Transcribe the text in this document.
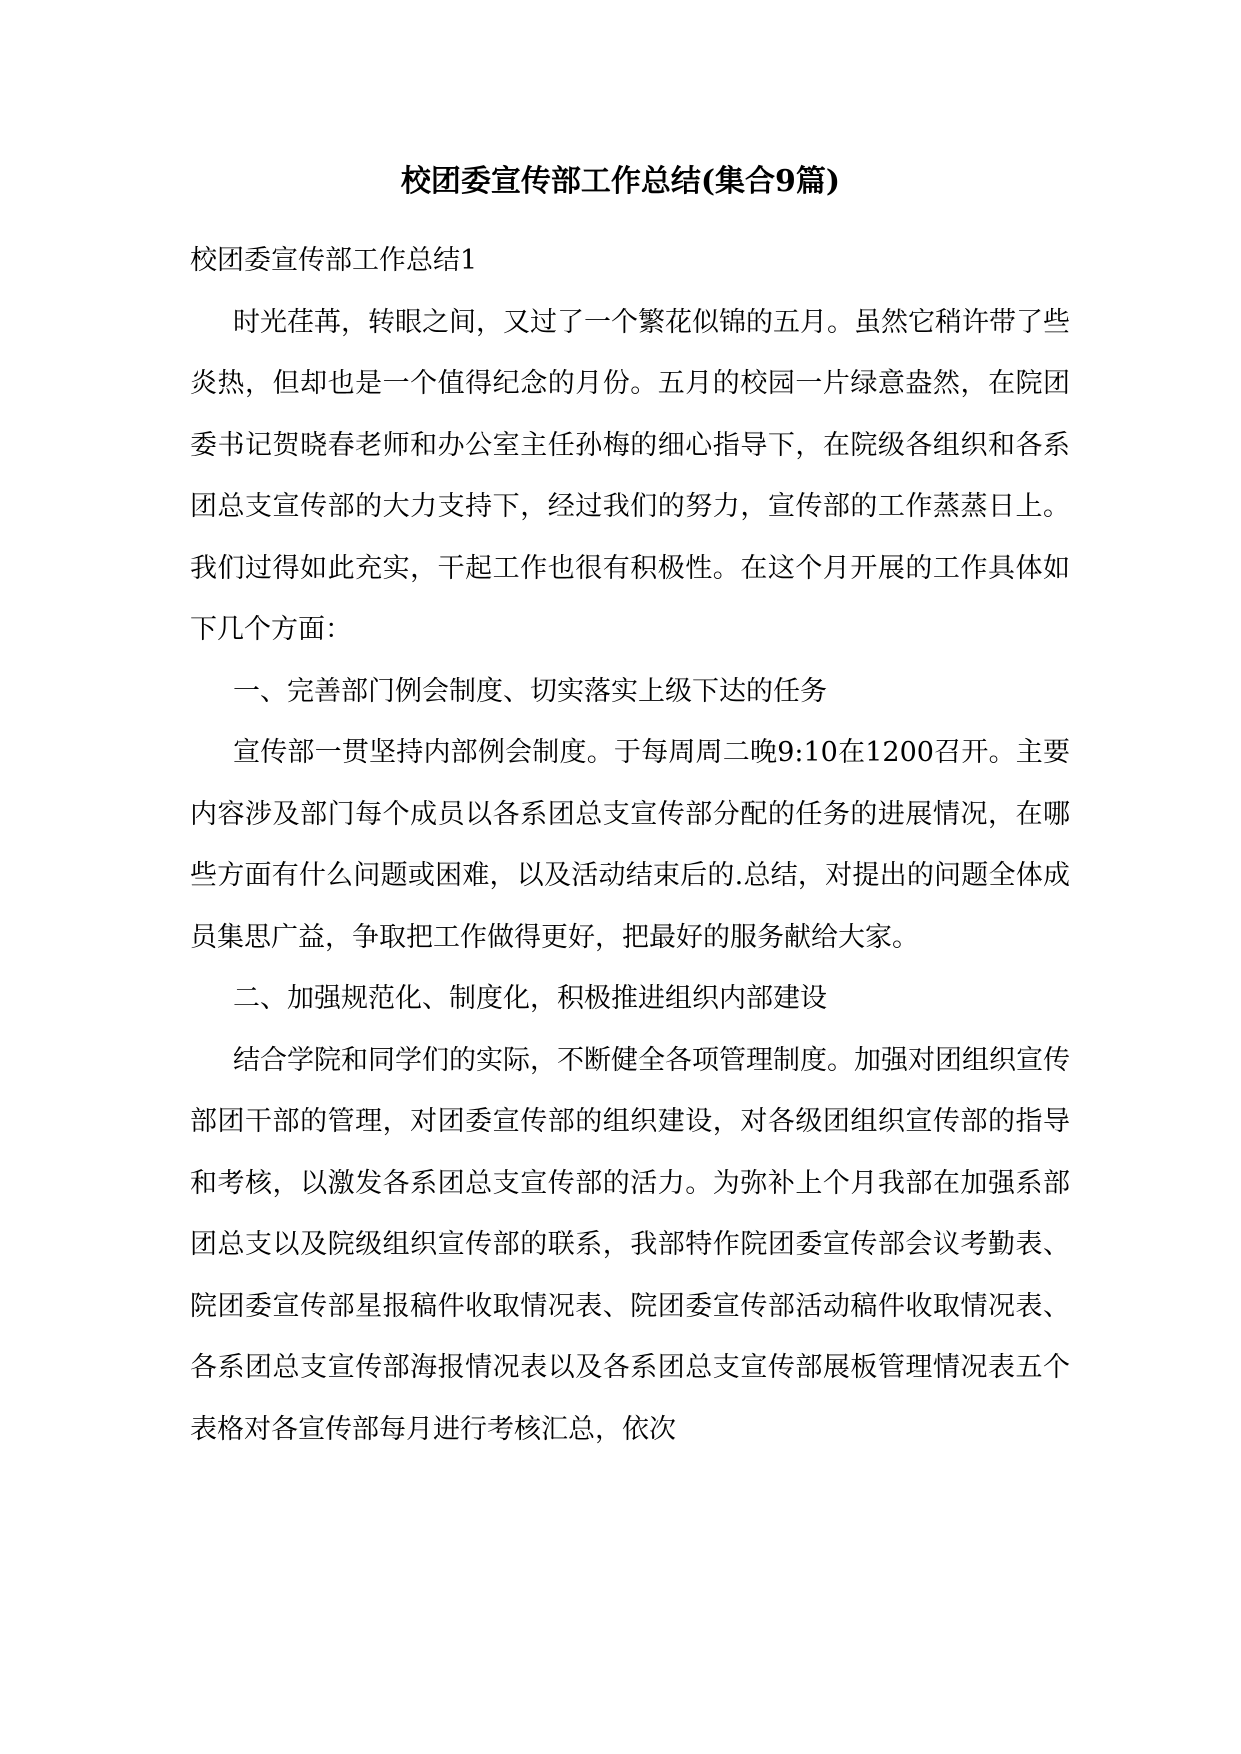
校团委宣传部工作总结(集合9篇)

校团委宣传部工作总结1

时光荏苒，转眼之间，又过了一个繁花似锦的五月。虽然它稍许带了些炎热，但却也是一个值得纪念的月份。五月的校园一片绿意盎然，在院团委书记贺晓春老师和办公室主任孙梅的细心指导下，在院级各组织和各系团总支宣传部的大力支持下，经过我们的努力，宣传部的工作蒸蒸日上。我们过得如此充实，干起工作也很有积极性。在这个月开展的工作具体如下几个方面：

一、完善部门例会制度、切实落实上级下达的任务

宣传部一贯坚持内部例会制度。于每周周二晚9:10在1200召开。主要内容涉及部门每个成员以各系团总支宣传部分配的任务的进展情况，在哪些方面有什么问题或困难，以及活动结束后的.总结，对提出的问题全体成员集思广益，争取把工作做得更好，把最好的服务献给大家。

二、加强规范化、制度化，积极推进组织内部建设

结合学院和同学们的实际，不断健全各项管理制度。加强对团组织宣传部团干部的管理，对团委宣传部的组织建设，对各级团组织宣传部的指导和考核，以激发各系团总支宣传部的活力。为弥补上个月我部在加强系部团总支以及院级组织宣传部的联系，我部特作院团委宣传部会议考勤表、院团委宣传部星报稿件收取情况表、院团委宣传部活动稿件收取情况表、各系团总支宣传部海报情况表以及各系团总支宣传部展板管理情况表五个表格对各宣传部每月进行考核汇总，依次
